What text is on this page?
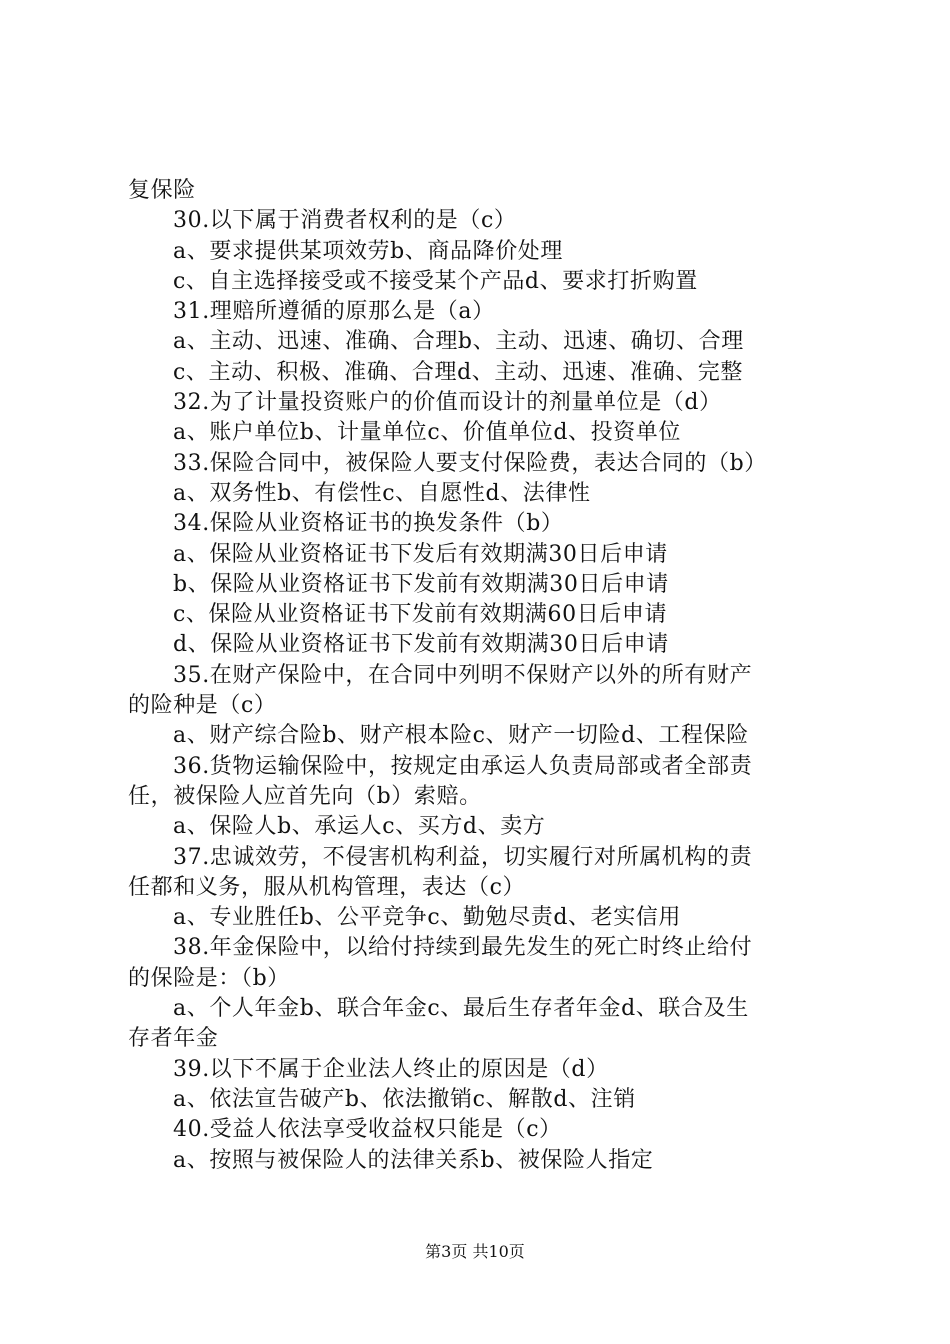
复保险
30.以下属于消费者权利的是（c）
a、要求提供某项效劳b、商品降价处理
c、自主选择接受或不接受某个产品d、要求打折购置
31.理赔所遵循的原那么是（a）
a、主动、迅速、准确、合理b、主动、迅速、确切、合理
c、主动、积极、准确、合理d、主动、迅速、准确、完整
32.为了计量投资账户的价值而设计的剂量单位是（d）
a、账户单位b、计量单位c、价值单位d、投资单位
33.保险合同中，被保险人要支付保险费，表达合同的（b）
a、双务性b、有偿性c、自愿性d、法律性
34.保险从业资格证书的换发条件（b）
a、保险从业资格证书下发后有效期满30日后申请
b、保险从业资格证书下发前有效期满30日后申请
c、保险从业资格证书下发前有效期满60日后申请
d、保险从业资格证书下发前有效期满30日后申请
35.在财产保险中，在合同中列明不保财产以外的所有财产
的险种是（c）
a、财产综合险b、财产根本险c、财产一切险d、工程保险
36.货物运输保险中，按规定由承运人负责局部或者全部责
任，被保险人应首先向（b）索赔。
a、保险人b、承运人c、买方d、卖方
37.忠诚效劳，不侵害机构利益，切实履行对所属机构的责
任都和义务，服从机构管理，表达（c）
a、专业胜任b、公平竞争c、勤勉尽责d、老实信用
38.年金保险中，以给付持续到最先发生的死亡时终止给付
的保险是：（b）
a、个人年金b、联合年金c、最后生存者年金d、联合及生
存者年金
39.以下不属于企业法人终止的原因是（d）
a、依法宣告破产b、依法撤销c、解散d、注销
40.受益人依法享受收益权只能是（c）
a、按照与被保险人的法律关系b、被保险人指定
第3页 共10页
